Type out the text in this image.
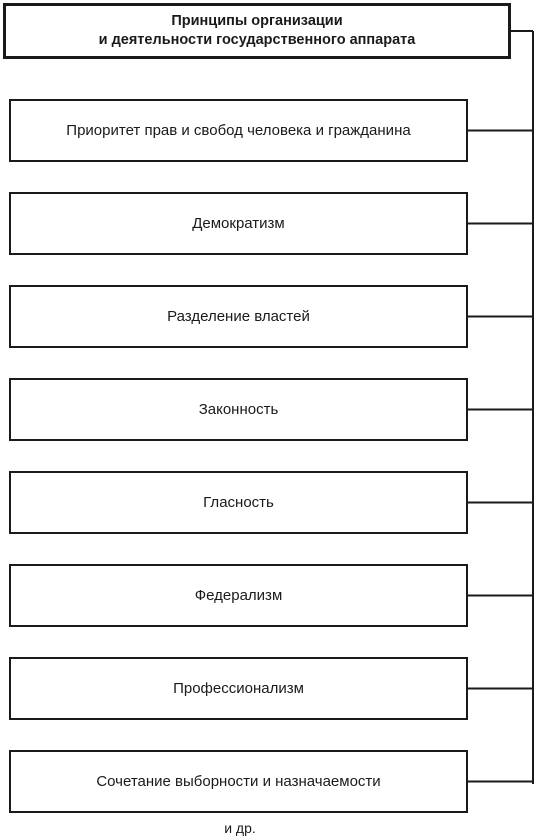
Принципы организации
и деятельности государственного аппарата
Приоритет прав и свобод человека и гражданина
Демократизм
Разделение властей
Законность
Гласность
Федерализм
Профессионализм
Сочетание выборности и назначаемости
и др.
